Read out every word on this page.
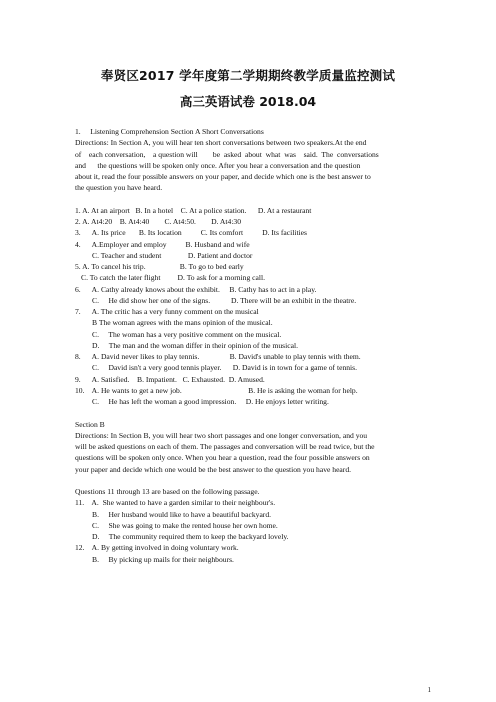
奉贤区2017 学年度第二学期期终教学质量监控测试
高三英语试卷 2018.04
1.     Listening Comprehension Section A Short Conversations
Directions: In Section A, you will hear ten short conversations between two speakers.At the end
of    each conversation,    a question will        be  asked  about  what  was    said.  The  conversations
and      the questions will be spoken only once. After you hear a conversation and the question
about it, read the four possible answers on your paper, and decide which one is the best answer to
the question you have heard.
1. A. At an airport   B. In a hotel    C. At a police station.      D. At a restaurant
2. A. At4:20    B. At4:40        C. At4:50.        D. At4:30
3.      A. Its price       B. Its location          C. Its comfort          D. Its facilities
4.      A.Employer and employ          B. Husband and wife
C. Teacher and student              D. Patient and doctor
5. A. To cancel his trip.                  B. To go to bed early
C. To catch the later flight         D. To ask for a morning call.
6.      A. Cathy already knows about the exhibit.     B. Cathy has to act in a play.
C.     He did show her one of the signs.           D. There will be an exhibit in the theatre.
7.      A. The critic has a very funny comment on the musical
B The woman agrees with the mans opinion of the musical.
C.     The woman has a very positive comment on the musical.
D.     The man and the woman differ in their opinion of the musical.
8.      A. David never likes to play tennis.                B. David's unable to play tennis with them.
C.     David isn't a very good tennis player.      D. David is in town for a game of tennis.
9.      A. Satisfied.    B. Impatient.   C. Exhausted.  D. Amused.
10.    A. He wants to get a new job.                                   B. He is asking the woman for help.
C.     He has left the woman a good impression.     D. He enjoys letter writing.
Section B
Directions: In Section B, you will hear two short passages and one longer conversation, and you
will be asked questions on each of them. The passages and conversation will be read twice, but the
questions will be spoken only once. When you hear a question, read the four possible answers on
your paper and decide which one would be the best answer to the question you have heard.
Questions 11 through 13 are based on the following passage.
11.    A.  She wanted to have a garden similar to their neighbour's.
B.     Her husband would like to have a beautiful backyard.
C.     She was going to make the rented house her own home.
D.     The community required them to keep the backyard lovely.
12.    A. By getting involved in doing voluntary work.
B.     By picking up mails for their neighbours.
1
